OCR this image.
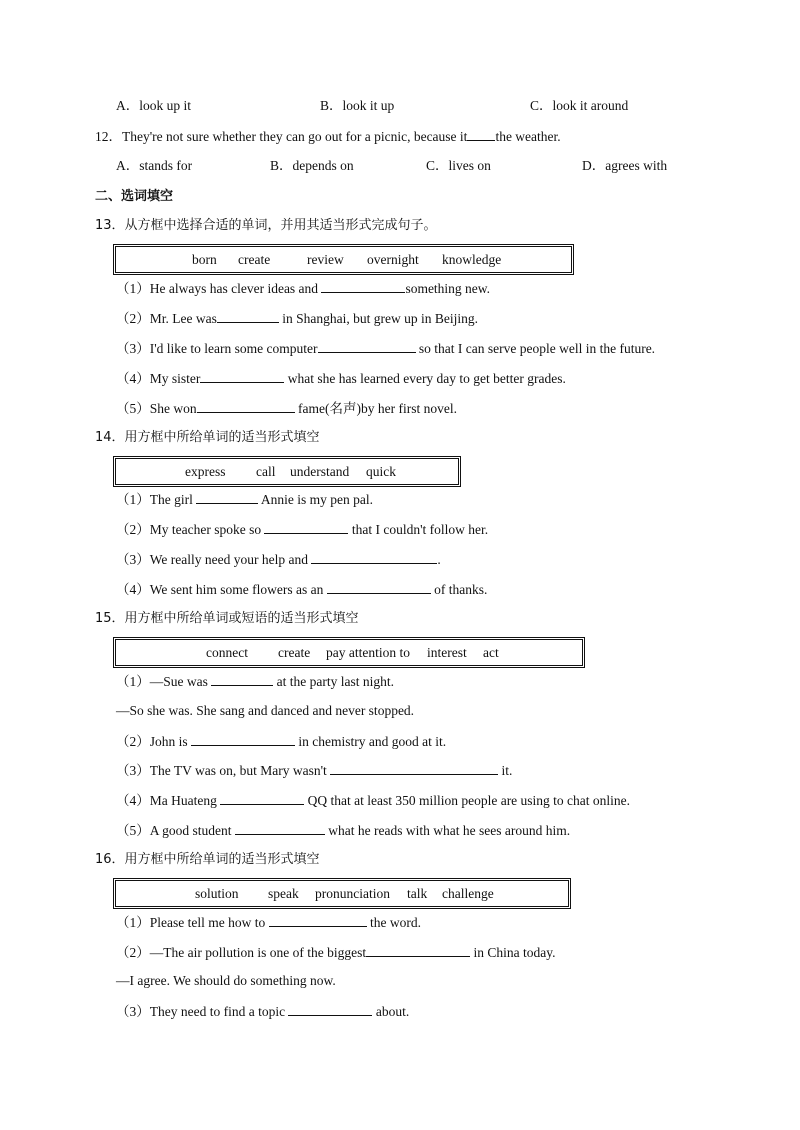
A．look up it	B．look it up	C．look it around
12．They're not sure whether they can go out for a picnic, because it the weather.
A．stands for	B．depends on	C．lives on	D．agrees with
二、选词填空
13．从方框中选择合适的单词，并用其适当形式完成句子。
born create	review overnight knowledge
（1）He always has clever ideas and	something new.
（2）Mr. Lee was	in Shanghai, but grew up in Beijing.
（3）I'd like to learn some computer	so that I can serve people well in the future.
（4）My sister	what she has learned every day to get better grades.
（5）She won	fame(名声)by her first novel.
14．用方框中所给单词的适当形式填空
express call understand quick
（1）The girl	Annie is my pen pal.
（2）My teacher spoke so	that I couldn't follow her.
（3）We really need your help and	.
（4）We sent him some flowers as an	of thanks.
15．用方框中所给单词或短语的适当形式填空
connect create pay attention to interest act
（1）—Sue was	at the party last night.
—So she was. She sang and danced and never stopped.
（2）John is	in chemistry and good at it.
（3）The TV was on, but Mary wasn't	it.
（4）Ma Huateng	QQ that at least 350 million people are using to chat online.
（5）A good student	what he reads with what he sees around him.
16．用方框中所给单词的适当形式填空
solution speak pronunciation talk challenge
（1）Please tell me how to	the word.
（2）—The air pollution is one of the biggest	in China today.
—I agree. We should do something now.
（3）They need to find a topic	about.
